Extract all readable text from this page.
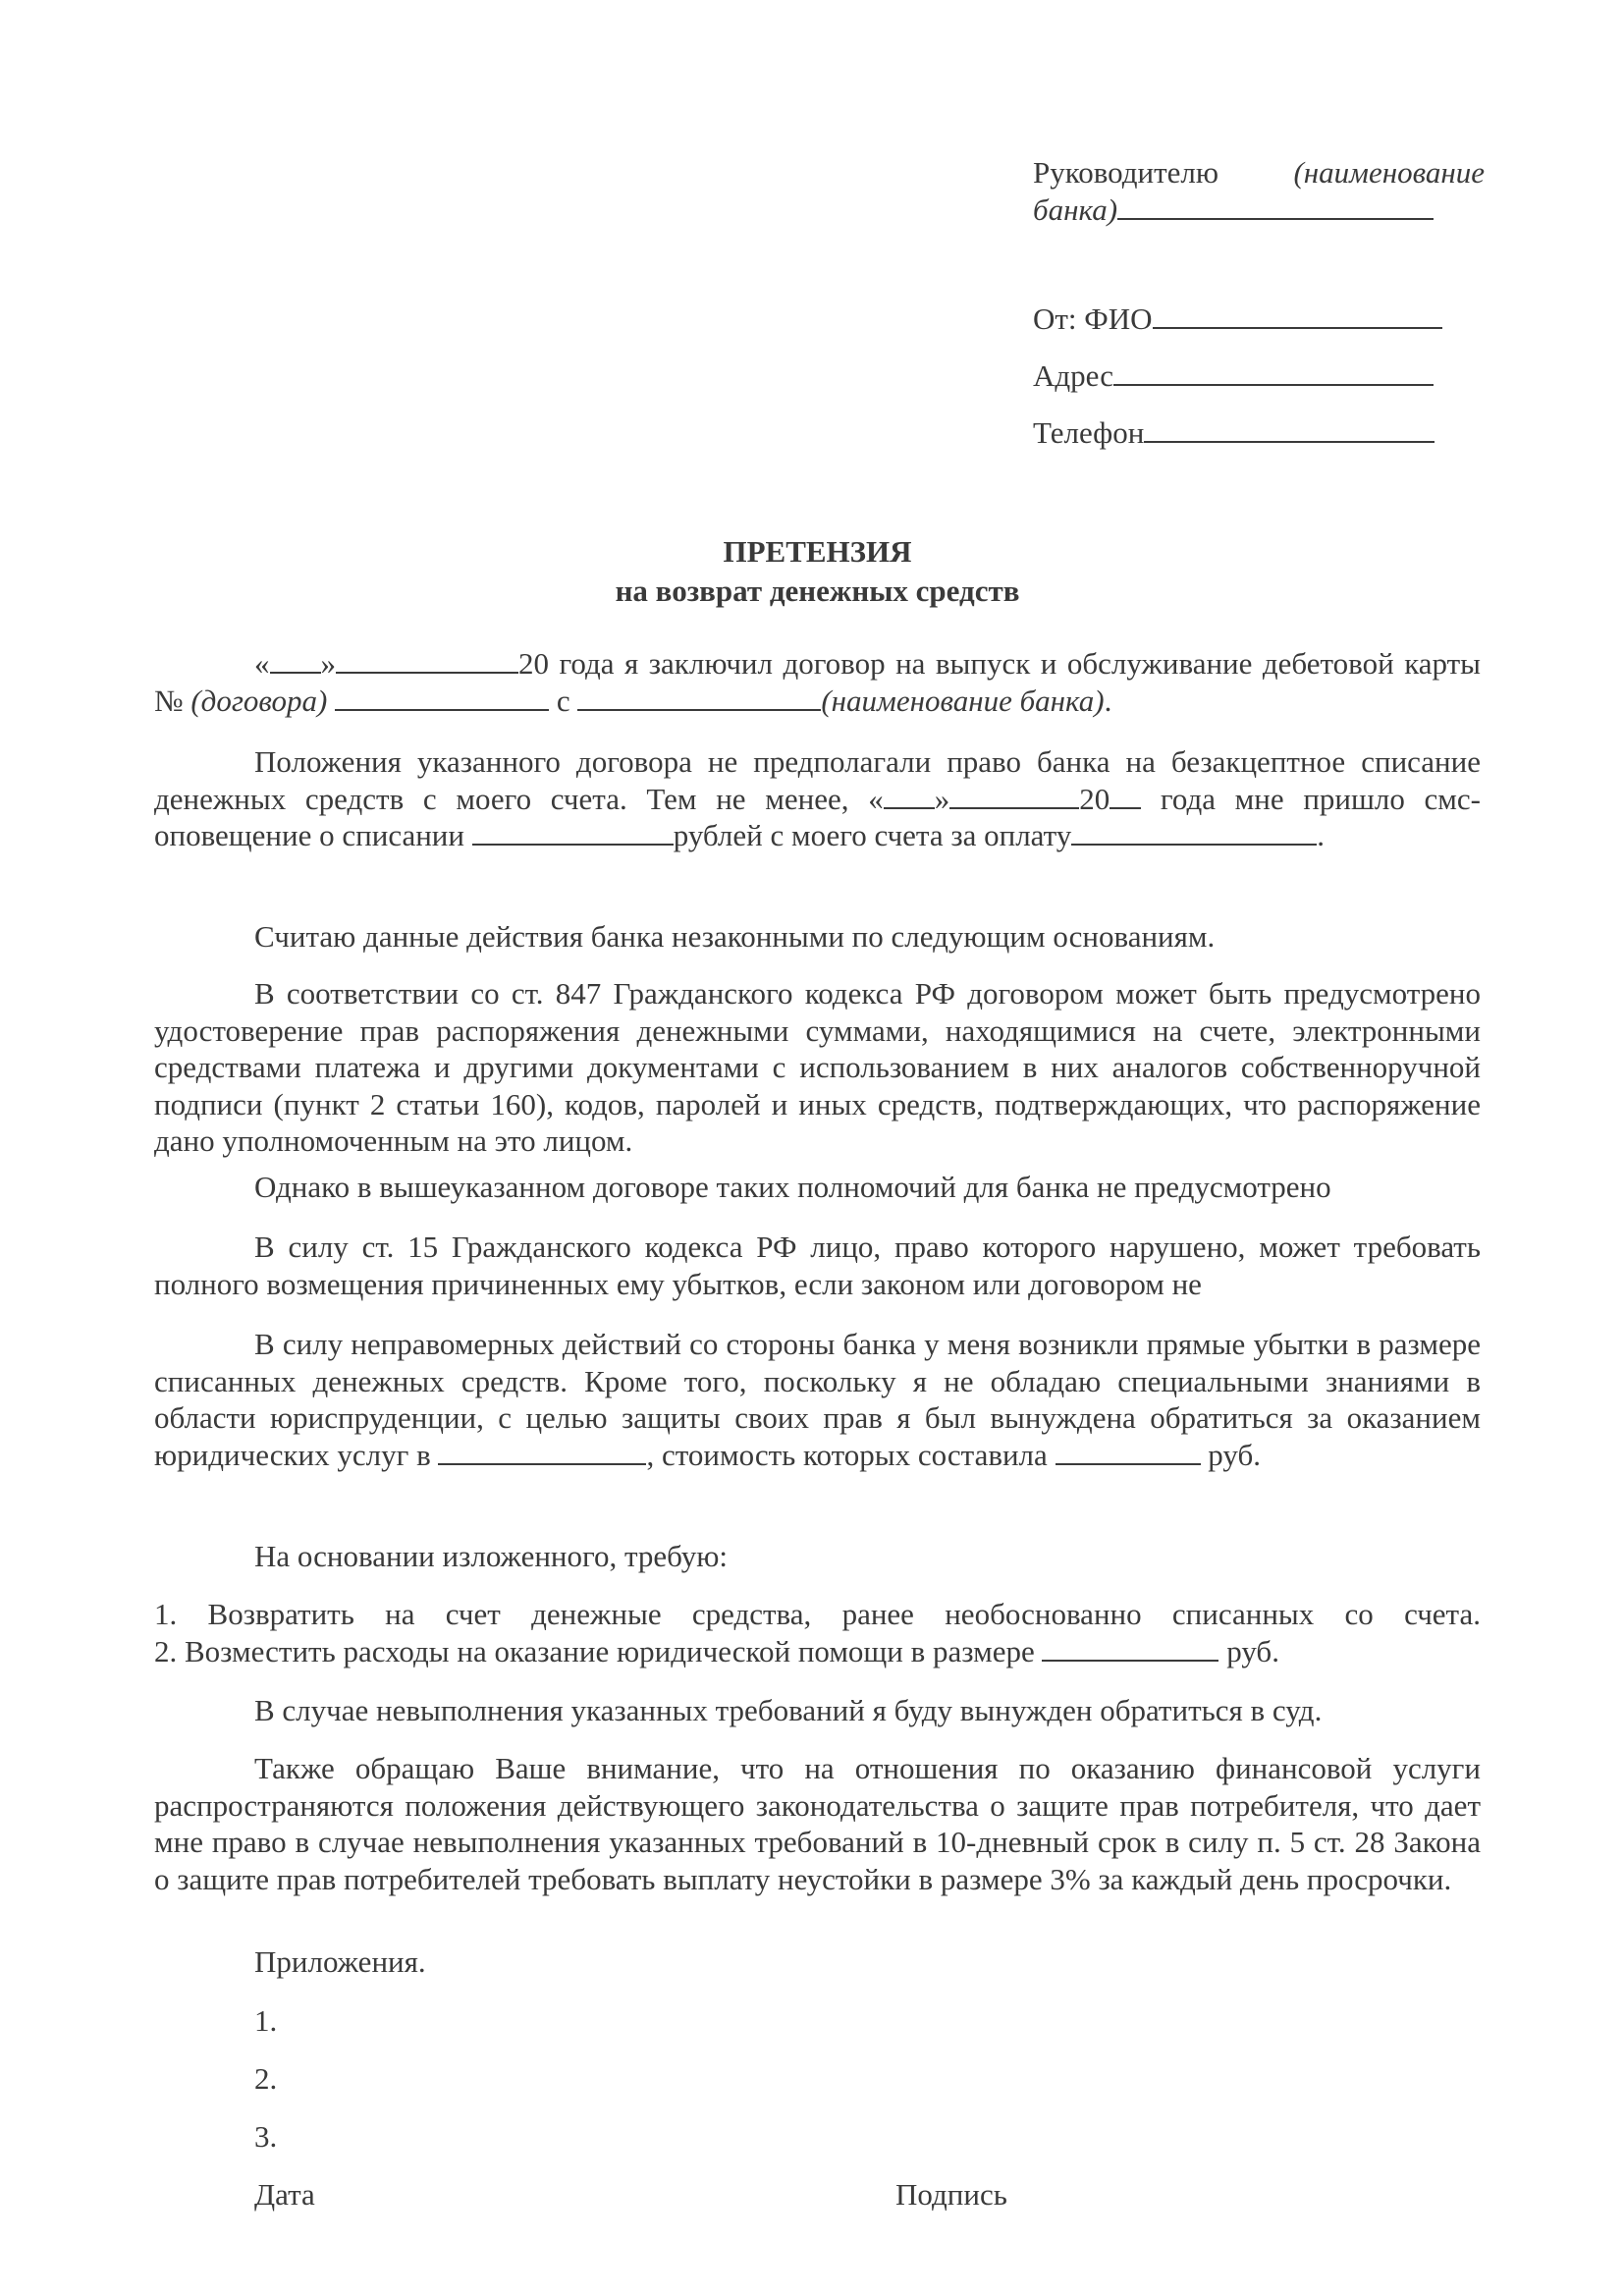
Руководителю (наименование
банка)
От: ФИО
Адрес
Телефон
ПРЕТЕНЗИЯ
на возврат денежных средств

« »	20 года я заключил договор на выпуск и обслуживание дебетовой карты № (договора)	с	(наименование банка).

Положения указанного договора не предполагали право банка на безакцептное списание денежных средств с моего счета. Тем не менее, « »	20 года мне пришло смс-оповещение о списании	рублей с моего счета за оплату	.

Считаю данные действия банка незаконными по следующим основаниям.

В соответствии со ст. 847 Гражданского кодекса РФ договором может быть предусмотрено удостоверение прав распоряжения денежными суммами, находящимися на счете, электронными средствами платежа и другими документами с использованием в них аналогов собственноручной подписи (пункт 2 статьи 160), кодов, паролей и иных средств, подтверждающих, что распоряжение дано уполномоченным на это лицом.

Однако в вышеуказанном договоре таких полномочий для банка не предусмотрено

В силу ст. 15 Гражданского кодекса РФ лицо, право которого нарушено, может требовать полного возмещения причиненных ему убытков, если законом или договором не

В силу неправомерных действий со стороны банка у меня возникли прямые убытки в размере списанных денежных средств. Кроме того, поскольку я не обладаю специальными знаниями в области юриспруденции, с целью защиты своих прав я был вынуждена обратиться за оказанием юридических услуг в	, стоимость которых составила	руб.

На основании изложенного, требую:

1. Возвратить на счет денежные средства, ранее необоснованно списанных со счета.

2. Возместить расходы на оказание юридической помощи в размере	руб.

В случае невыполнения указанных требований я буду вынужден обратиться в суд.

Также обращаю Ваше внимание, что на отношения по оказанию финансовой услуги распространяются положения действующего законодательства о защите прав потребителя, что дает мне право в случае невыполнения указанных требований в 10-дневный срок в силу п. 5 ст. 28 Закона о защите прав потребителей требовать выплату неустойки в размере 3% за каждый день просрочки.

Приложения.
1.
2.
3.
Дата	Подпись
